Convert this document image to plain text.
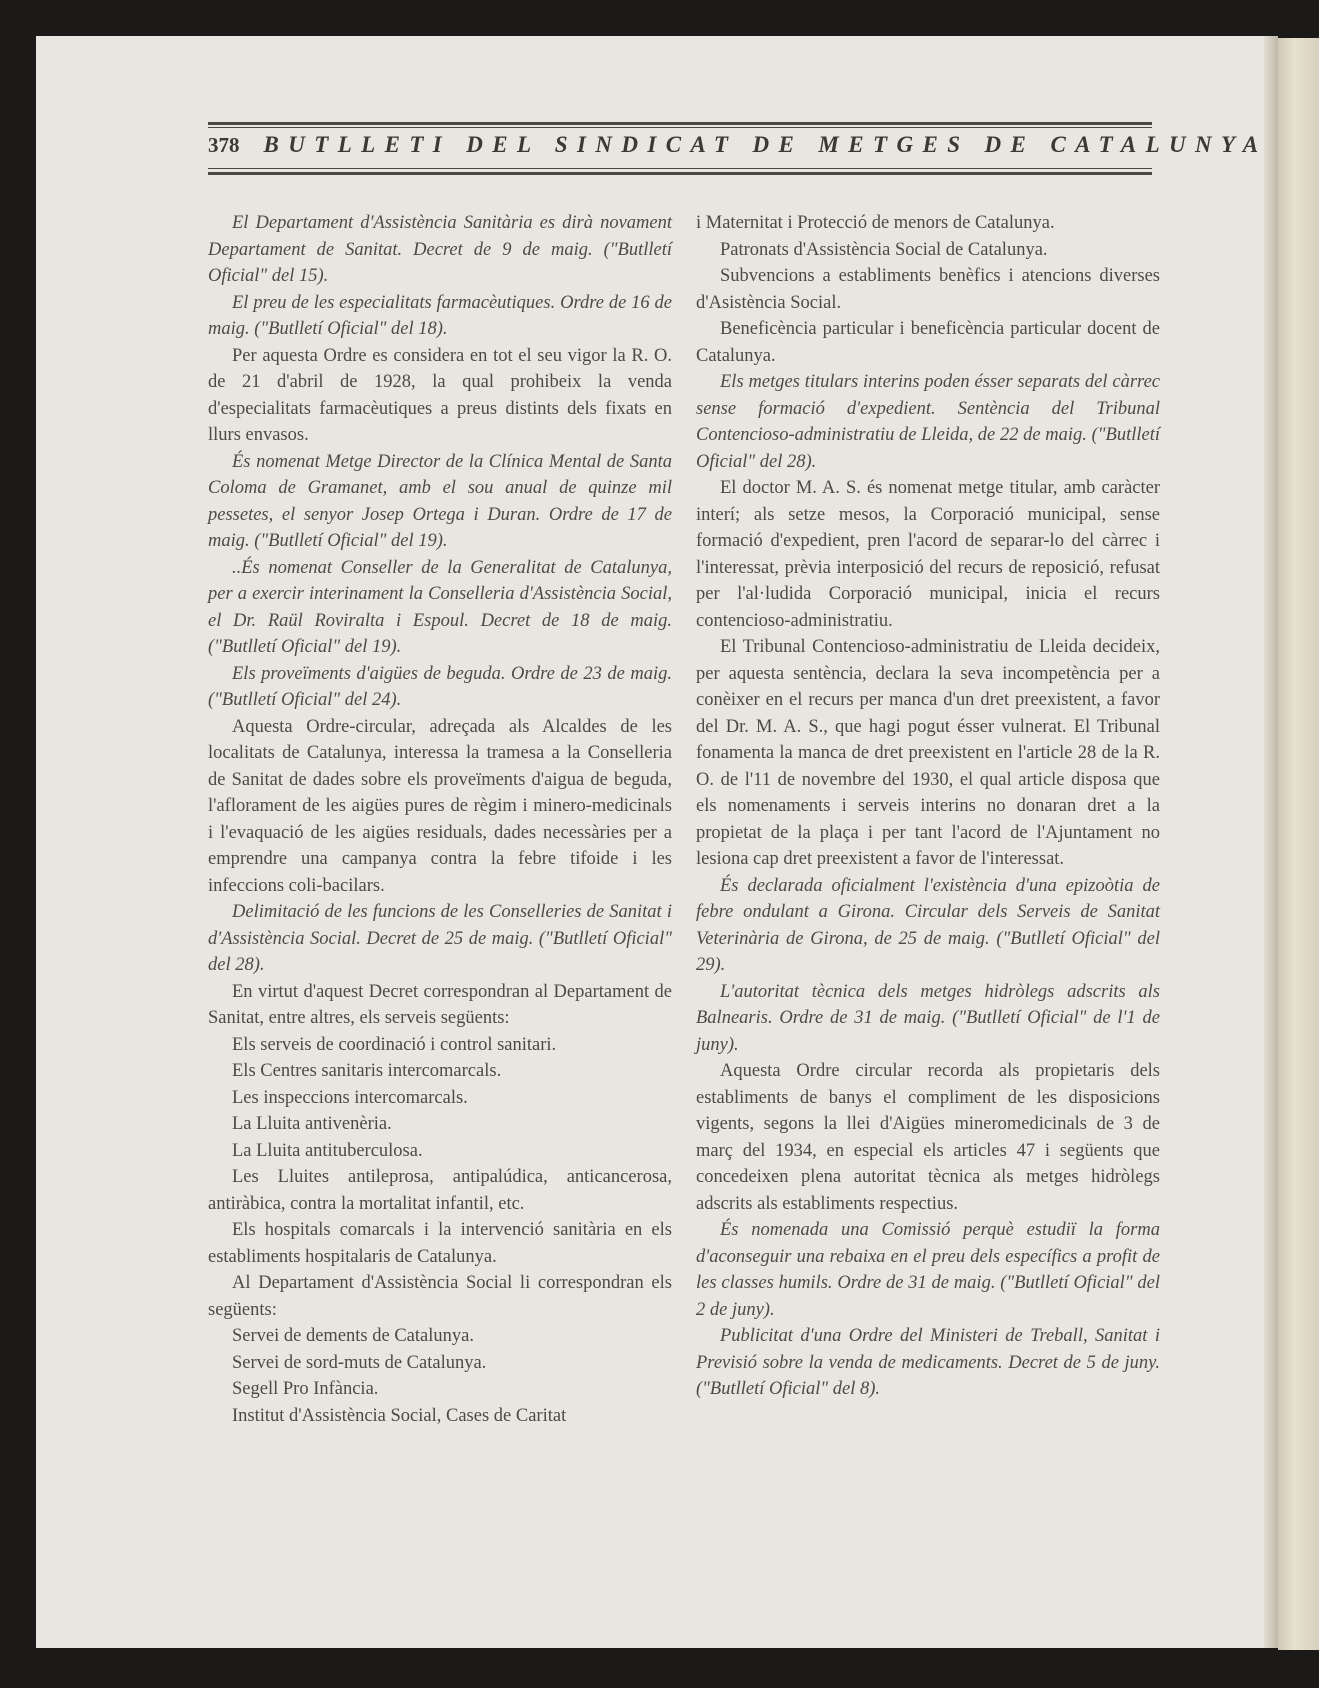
378 BUTLLETI DEL SINDICAT DE METGES DE CATALUNYA

El Departament d'Assistència Sanitària es dirà novament Departament de Sanitat. Decret de 9 de maig. ("Butlletí Oficial" del 15).

El preu de les especialitats farmacèutiques. Ordre de 16 de maig. ("Butlletí Oficial" del 18).

Per aquesta Ordre es considera en tot el seu vigor la R. O. de 21 d'abril de 1928, la qual prohibeix la venda d'especialitats farmacèutiques a preus distints dels fixats en llurs envasos.

És nomenat Metge Director de la Clínica Mental de Santa Coloma de Gramanet, amb el sou anual de quinze mil pessetes, el senyor Josep Ortega i Duran. Ordre de 17 de maig. ("Butlletí Oficial" del 19).

..És nomenat Conseller de la Generalitat de Catalunya, per a exercir interinament la Conselleria d'Assistència Social, el Dr. Raül Roviralta i Espoul. Decret de 18 de maig. ("Butlletí Oficial" del 19).

Els proveïments d'aigües de beguda. Ordre de 23 de maig. ("Butlletí Oficial" del 24).

Aquesta Ordre-circular, adreçada als Alcaldes de les localitats de Catalunya, interessa la tramesa a la Conselleria de Sanitat de dades sobre els proveïments d'aigua de beguda, l'aflorament de les aigües pures de règim i minero-medicinals i l'evaquació de les aigües residuals, dades necessàries per a emprendre una campanya contra la febre tifoide i les infeccions coli-bacilars.

Delimitació de les funcions de les Conselleries de Sanitat i d'Assistència Social. Decret de 25 de maig. ("Butlletí Oficial" del 28).

En virtut d'aquest Decret correspondran al Departament de Sanitat, entre altres, els serveis següents:

Els serveis de coordinació i control sanitari.

Els Centres sanitaris intercomarcals.

Les inspeccions intercomarcals.

La Lluita antivenèria.

La Lluita antituberculosa.

Les Lluites antileprosa, antipalúdica, anticancerosa, antiràbica, contra la mortalitat infantil, etc.

Els hospitals comarcals i la intervenció sanitària en els establiments hospitalaris de Catalunya.

Al Departament d'Assistència Social li correspondran els següents:

Servei de dements de Catalunya.

Servei de sord-muts de Catalunya.

Segell Pro Infància.

Institut d'Assistència Social, Cases de Caritat

i Maternitat i Protecció de menors de Catalunya.

Patronats d'Assistència Social de Catalunya.

Subvencions a establiments benèfics i atencions diverses d'Asistència Social.

Beneficència particular i beneficència particular docent de Catalunya.

Els metges titulars interins poden ésser separats del càrrec sense formació d'expedient. Sentència del Tribunal Contencioso-administratiu de Lleida, de 22 de maig. ("Butlletí Oficial" del 28).

El doctor M. A. S. és nomenat metge titular, amb caràcter interí; als setze mesos, la Corporació municipal, sense formació d'expedient, pren l'acord de separar-lo del càrrec i l'interessat, prèvia interposició del recurs de reposició, refusat per l'al·ludida Corporació municipal, inicia el recurs contencioso-administratiu.

El Tribunal Contencioso-administratiu de Lleida decideix, per aquesta sentència, declara la seva incompetència per a conèixer en el recurs per manca d'un dret preexistent, a favor del Dr. M. A. S., que hagi pogut ésser vulnerat. El Tribunal fonamenta la manca de dret preexistent en l'article 28 de la R. O. de l'11 de novembre del 1930, el qual article disposa que els nomenaments i serveis interins no donaran dret a la propietat de la plaça i per tant l'acord de l'Ajuntament no lesiona cap dret preexistent a favor de l'interessat.

És declarada oficialment l'existència d'una epizoòtia de febre ondulant a Girona. Circular dels Serveis de Sanitat Veterinària de Girona, de 25 de maig. ("Butlletí Oficial" del 29).

L'autoritat tècnica dels metges hidròlegs adscrits als Balnearis. Ordre de 31 de maig. ("Butlletí Oficial" de l'1 de juny).

Aquesta Ordre circular recorda als propietaris dels establiments de banys el compliment de les disposicions vigents, segons la llei d'Aigües mineromedicinals de 3 de març del 1934, en especial els articles 47 i següents que concedeixen plena autoritat tècnica als metges hidròlegs adscrits als establiments respectius.

És nomenada una Comissió perquè estudiï la forma d'aconseguir una rebaixa en el preu dels específics a profit de les classes humils. Ordre de 31 de maig. ("Butlletí Oficial" del 2 de juny).

Publicitat d'una Ordre del Ministeri de Treball, Sanitat i Previsió sobre la venda de medicaments. Decret de 5 de juny. ("Butlletí Oficial" del 8).
